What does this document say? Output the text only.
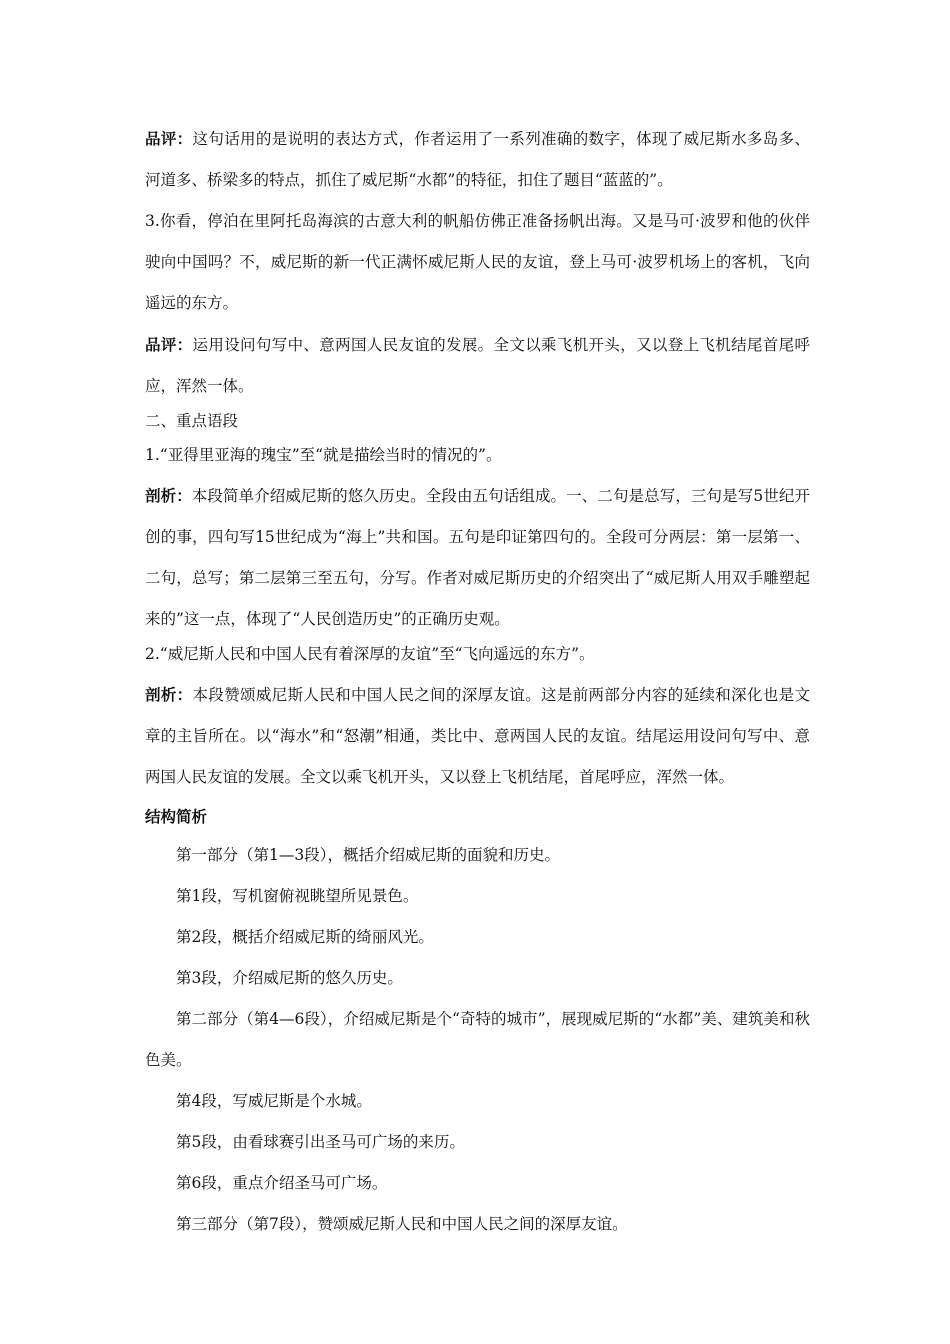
品评：这句话用的是说明的表达方式，作者运用了一系列准确的数字，体现了威尼斯水多岛多、河道多、桥梁多的特点，抓住了威尼斯“水都”的特征，扣住了题目“蓝蓝的”。

3.你看，停泊在里阿托岛海滨的古意大利的帆船仿佛正准备扬帆出海。又是马可·波罗和他的伙伴驶向中国吗？不，威尼斯的新一代正满怀威尼斯人民的友谊，登上马可·波罗机场上的客机，飞向遥远的东方。

品评：运用设问句写中、意两国人民友谊的发展。全文以乘飞机开头，又以登上飞机结尾首尾呼应，浑然一体。

二、重点语段

1.“亚得里亚海的瑰宝”至“就是描绘当时的情况的”。

剖析：本段简单介绍威尼斯的悠久历史。全段由五句话组成。一、二句是总写，三句是写5世纪开创的事，四句写15世纪成为“海上”共和国。五句是印证第四句的。全段可分两层：第一层第一、二句，总写；第二层第三至五句，分写。作者对威尼斯历史的介绍突出了“威尼斯人用双手雕塑起来的”这一点，体现了“人民创造历史”的正确历史观。

2.“威尼斯人民和中国人民有着深厚的友谊”至“飞向遥远的东方”。

剖析：本段赞颂威尼斯人民和中国人民之间的深厚友谊。这是前两部分内容的延续和深化也是文章的主旨所在。以“海水”和“怒潮”相通，类比中、意两国人民的友谊。结尾运用设问句写中、意两国人民友谊的发展。全文以乘飞机开头，又以登上飞机结尾，首尾呼应，浑然一体。

结构简析

第一部分（第1—3段），概括介绍威尼斯的面貌和历史。

第1段，写机窗俯视眺望所见景色。

第2段，概括介绍威尼斯的绮丽风光。

第3段，介绍威尼斯的悠久历史。

第二部分（第4—6段），介绍威尼斯是个“奇特的城市”，展现威尼斯的“水都”美、建筑美和秋色美。

第4段，写威尼斯是个水城。

第5段，由看球赛引出圣马可广场的来历。

第6段，重点介绍圣马可广场。

第三部分（第7段），赞颂威尼斯人民和中国人民之间的深厚友谊。
